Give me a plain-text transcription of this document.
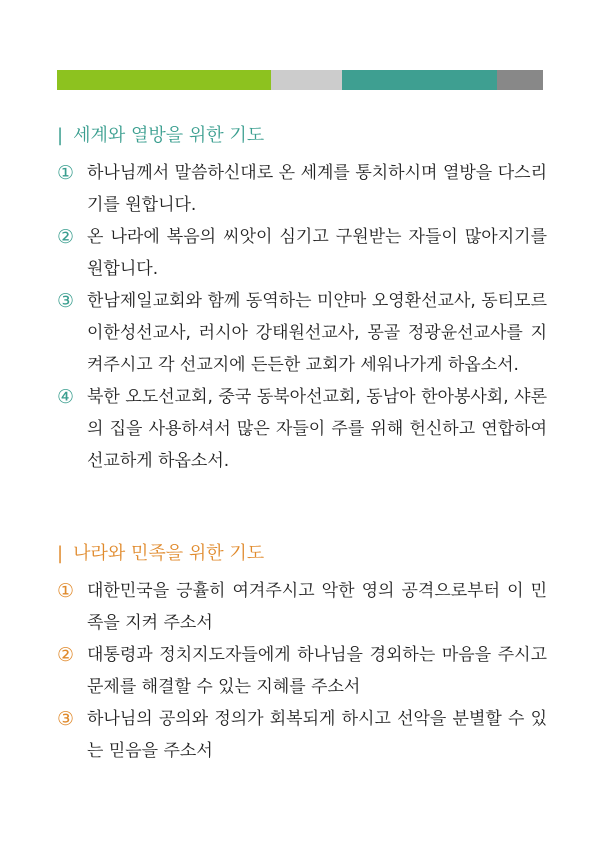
| 세계와 열방을 위한 기도
① 하나님께서 말씀하신대로 온 세계를 통치하시며 열방을 다스리기를 원합니다.
② 온 나라에 복음의 씨앗이 심기고 구원받는 자들이 많아지기를 원합니다.
③ 한남제일교회와 함께 동역하는 미얀마 오영환선교사, 동티모르 이한성선교사, 러시아 강태원선교사, 몽골 정광윤선교사를 지켜주시고 각 선교지에 든든한 교회가 세워나가게 하옵소서.
④ 북한 오도선교회, 중국 동북아선교회, 동남아 한아봉사회, 샤론의 집을 사용하셔서 많은 자들이 주를 위해 헌신하고 연합하여 선교하게 하옵소서.
| 나라와 민족을 위한 기도
① 대한민국을 긍휼히 여겨주시고 악한 영의 공격으로부터 이 민족을 지켜 주소서
② 대통령과 정치지도자들에게 하나님을 경외하는 마음을 주시고 문제를 해결할 수 있는 지혜를 주소서
③ 하나님의 공의와 정의가 회복되게 하시고 선악을 분별할 수 있는 믿음을 주소서
